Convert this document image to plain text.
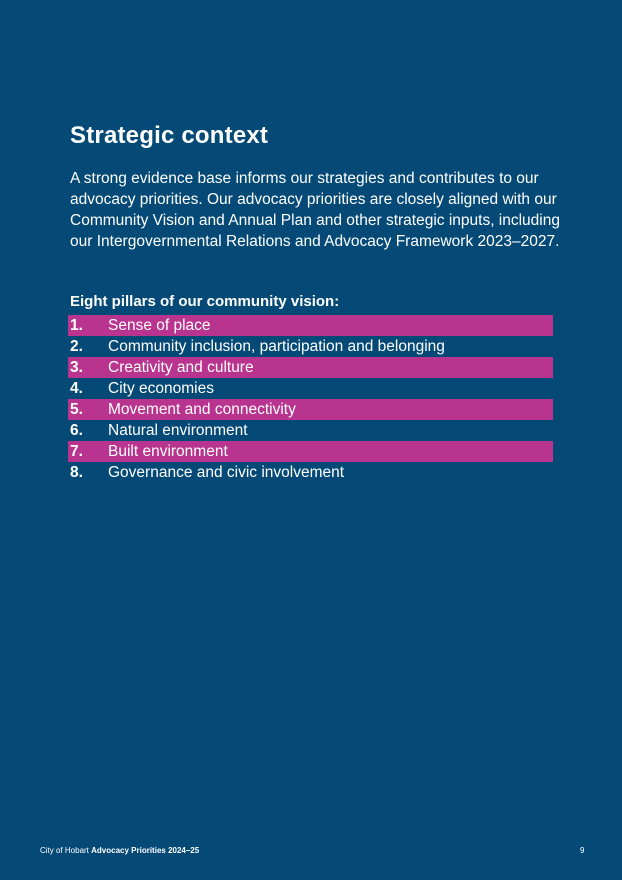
Strategic context

A strong evidence base informs our strategies and contributes to our advocacy priorities. Our advocacy priorities are closely aligned with our Community Vision and Annual Plan and other strategic inputs, including our Intergovernmental Relations and Advocacy Framework 2023–2027.

Eight pillars of our community vision:
1.	Sense of place
2.	Community inclusion, participation and belonging
3.	Creativity and culture
4.	City economies
5.	Movement and connectivity
6.	Natural environment
7.	Built environment
8.	Governance and civic involvement
City of Hobart Advocacy Priorities 2024–25	9
